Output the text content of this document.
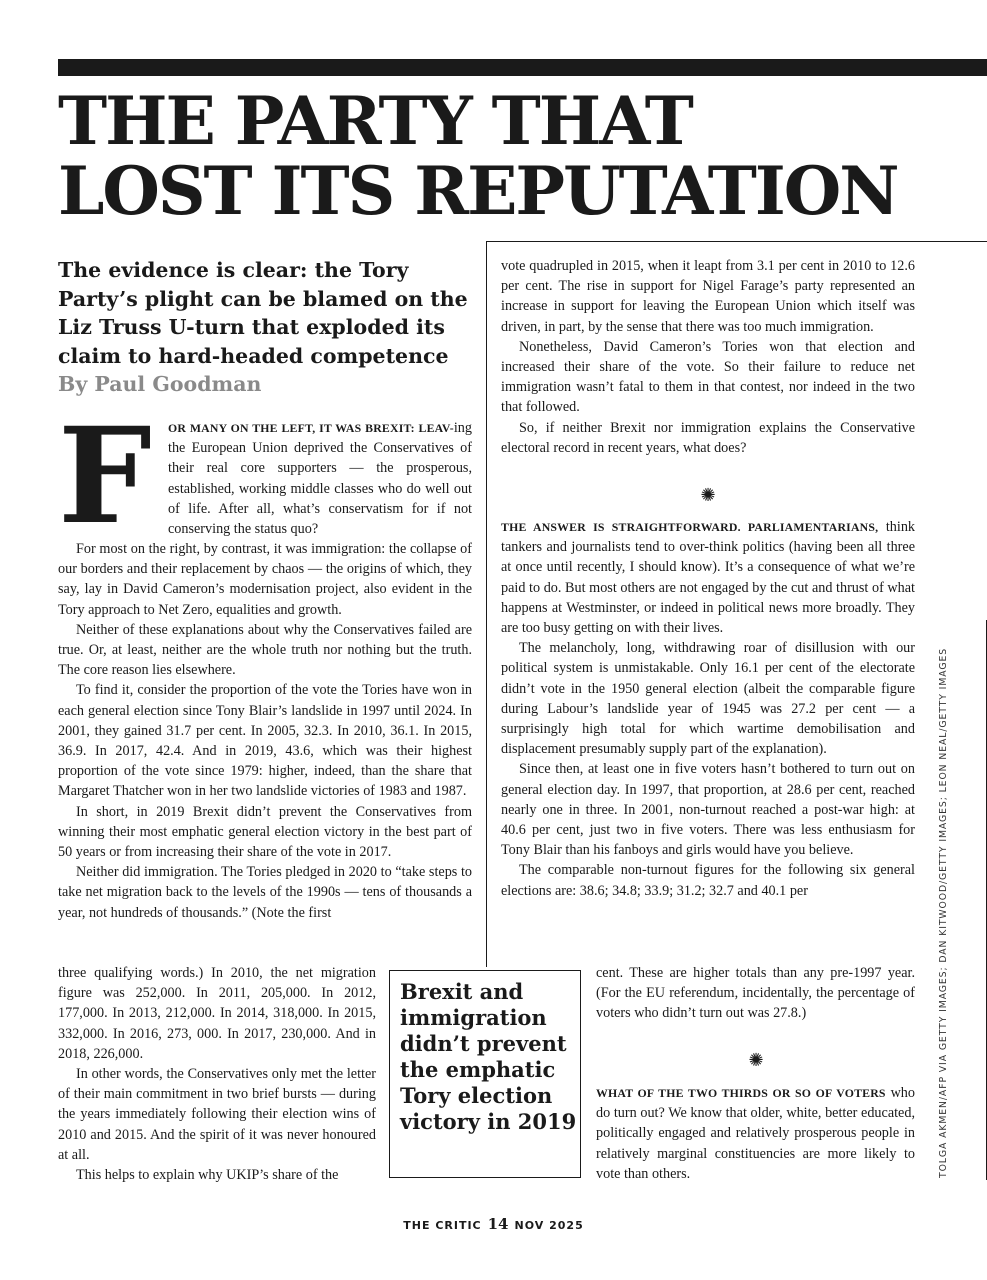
THE PARTY THAT
LOST ITS REPUTATION
The evidence is clear: the Tory Party’s plight can be blamed on the Liz Truss U-turn that exploded its claim to hard-headed competence
By Paul Goodman
F	OR MANY ON THE LEFT, IT WAS BREXIT: LEAV-ing the European Union deprived the Conservatives of their real core supporters — the prosperous, established, working middle classes who do well out of life. After all, what’s conservatism for if not conserving the status quo?

For most on the right, by contrast, it was immigration: the collapse of our borders and their replacement by chaos — the origins of which, they say, lay in David Cameron’s modernisation project, also evident in the Tory approach to Net Zero, equalities and growth.

Neither of these explanations about why the Conservatives failed are true. Or, at least, neither are the whole truth nor nothing but the truth. The core reason lies elsewhere.

To find it, consider the proportion of the vote the Tories have won in each general election since Tony Blair’s landslide in 1997 until 2024. In 2001, they gained 31.7 per cent. In 2005, 32.3. In 2010, 36.1. In 2015, 36.9. In 2017, 42.4. And in 2019, 43.6, which was their highest proportion of the vote since 1979: higher, indeed, than the share that Margaret Thatcher won in her two landslide victories of 1983 and 1987.

In short, in 2019 Brexit didn’t prevent the Conservatives from winning their most emphatic general election victory in the best part of 50 years or from increasing their share of the vote in 2017.

Neither did immigration. The Tories pledged in 2020 to “take steps to take net migration back to the levels of the 1990s — tens of thousands a year, not hundreds of thousands.” (Note the first

three qualifying words.) In 2010, the net migration figure was 252,000. In 2011, 205,000. In 2012, 177,000. In 2013, 212,000. In 2014, 318,000. In 2015, 332,000. In 2016, 273, 000. In 2017, 230,000. And in 2018, 226,000.

In other words, the Conservatives only met the letter of their main commitment in two brief bursts — during the years immediately following their election wins of 2010 and 2015. And the spirit of it was never honoured at all.

This helps to explain why UKIP’s share of the

Brexit and immigration didn’t prevent the emphatic Tory election victory in 2019

vote quadrupled in 2015, when it leapt from 3.1 per cent in 2010 to 12.6 per cent. The rise in support for Nigel Farage’s party represented an increase in support for leaving the European Union which itself was driven, in part, by the sense that there was too much immigration.

Nonetheless, David Cameron’s Tories won that election and increased their share of the vote. So their failure to reduce net immigration wasn’t fatal to them in that contest, nor indeed in the two that followed.

So, if neither Brexit nor immigration explains the Conservative electoral record in recent years, what does?

✺

THE ANSWER IS STRAIGHTFORWARD. PARLIAMENTARIANS, think tankers and journalists tend to over-think politics (having been all three at once until recently, I should know). It’s a consequence of what we’re paid to do. But most others are not engaged by the cut and thrust of what happens at Westminster, or indeed in political news more broadly. They are too busy getting on with their lives.

The melancholy, long, withdrawing roar of disillusion with our political system is unmistakable. Only 16.1 per cent of the electorate didn’t vote in the 1950 general election (albeit the comparable figure during Labour’s landslide year of 1945 was 27.2 per cent — a surprisingly high total for which wartime demobilisation and displacement presumably supply part of the explanation).

Since then, at least one in five voters hasn’t bothered to turn out on general election day. In 1997, that proportion, at 28.6 per cent, reached nearly one in three. In 2001, non-turnout reached a post-war high: at 40.6 per cent, just two in five voters. There was less enthusiasm for Tony Blair than his fanboys and girls would have you believe.

The comparable non-turnout figures for the following six general elections are: 38.6; 34.8; 33.9; 31.2; 32.7 and 40.1 per

cent. These are higher totals than any pre-1997 year. (For the EU referendum, incidentally, the percentage of voters who didn’t turn out was 27.8.)

✺

WHAT OF THE TWO THIRDS OR SO OF VOTERS who do turn out? We know that older, white, better educated, politically engaged and relatively prosperous people in relatively marginal constituencies are more likely to vote than others.

THE CRITIC 14 NOV 2025
TOLGA AKMEN/AFP VIA GETTY IMAGES; DAN KITWOOD/GETTY IMAGES; LEON NEAL/GETTY IMAGES
